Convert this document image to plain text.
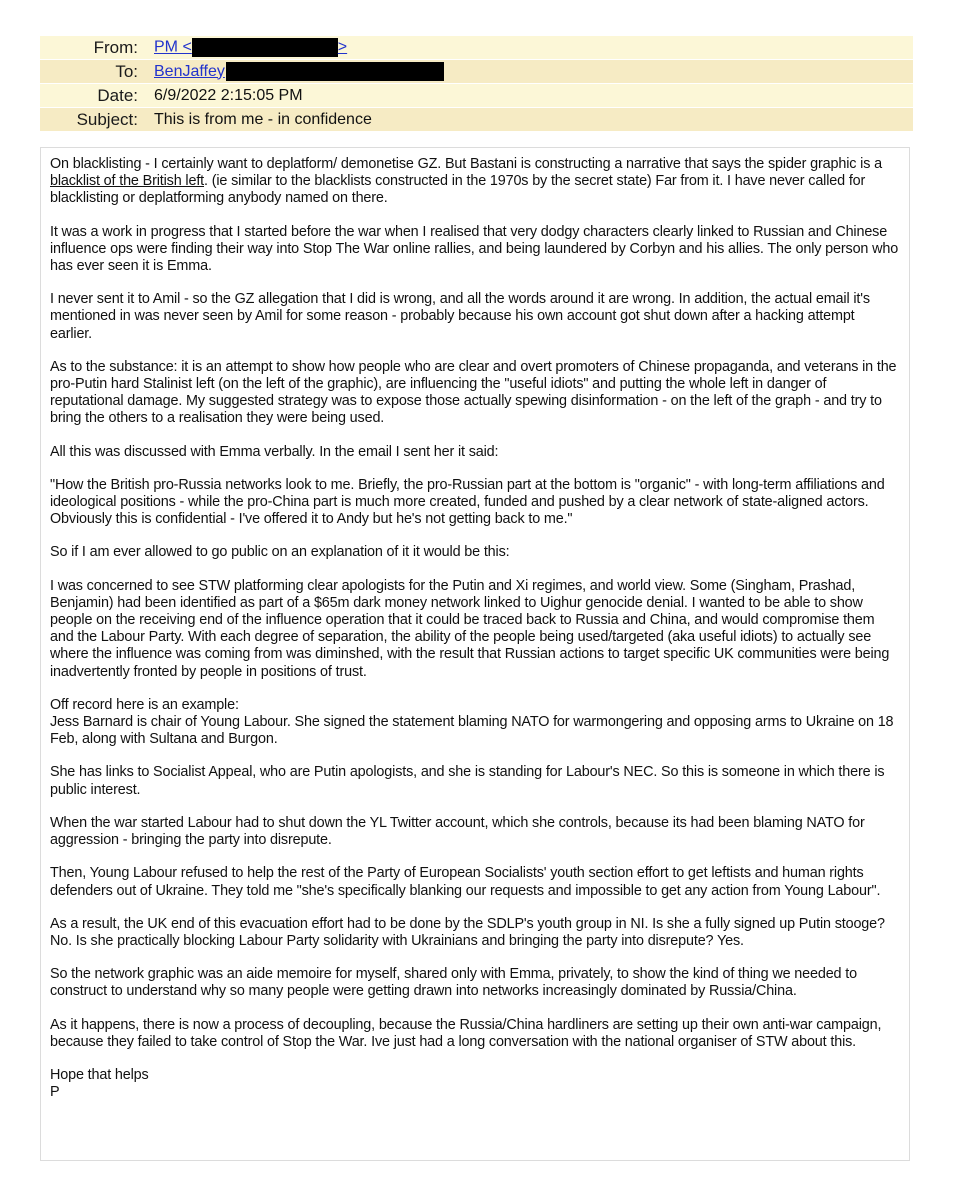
From: PM <	>
To: BenJaffey
Date: 6/9/2022 2:15:05 PM
Subject: This is from me - in confidence

On blacklisting - I certainly want to deplatform/ demonetise GZ. But Bastani is constructing a narrative that says the spider graphic is a blacklist of the British left. (ie similar to the blacklists constructed in the 1970s by the secret state) Far from it. I have never called for blacklisting or deplatforming anybody named on there.

It was a work in progress that I started before the war when I realised that very dodgy characters clearly linked to Russian and Chinese influence ops were finding their way into Stop The War online rallies, and being laundered by Corbyn and his allies. The only person who has ever seen it is Emma.

I never sent it to Amil - so the GZ allegation that I did is wrong, and all the words around it are wrong. In addition, the actual email it's mentioned in was never seen by Amil for some reason - probably because his own account got shut down after a hacking attempt earlier.

As to the substance: it is an attempt to show how people who are clear and overt promoters of Chinese propaganda, and veterans in the pro-Putin hard Stalinist left (on the left of the graphic), are influencing the "useful idiots" and putting the whole left in danger of reputational damage. My suggested strategy was to expose those actually spewing disinformation - on the left of the graph - and try to bring the others to a realisation they were being used.

All this was discussed with Emma verbally. In the email I sent her it said:

"How the British pro-Russia networks look to me. Briefly, the pro-Russian part at the bottom is "organic" - with long-term affiliations and ideological positions - while the pro-China part is much more created, funded and pushed by a clear network of state-aligned actors. Obviously this is confidential - I've offered it to Andy but he's not getting back to me."

So if I am ever allowed to go public on an explanation of it it would be this:

I was concerned to see STW platforming clear apologists for the Putin and Xi regimes, and world view. Some (Singham, Prashad, Benjamin) had been identified as part of a $65m dark money network linked to Uighur genocide denial. I wanted to be able to show people on the receiving end of the influence operation that it could be traced back to Russia and China, and would compromise them and the Labour Party. With each degree of separation, the ability of the people being used/targeted (aka useful idiots) to actually see where the influence was coming from was diminshed, with the result that Russian actions to target specific UK communities were being inadvertently fronted by people in positions of trust.

Off record here is an example:
Jess Barnard is chair of Young Labour. She signed the statement blaming NATO for warmongering and opposing arms to Ukraine on 18 Feb, along with Sultana and Burgon.

She has links to Socialist Appeal, who are Putin apologists, and she is standing for Labour's NEC. So this is someone in which there is public interest.

When the war started Labour had to shut down the YL Twitter account, which she controls, because its had been blaming NATO for aggression - bringing the party into disrepute.

Then, Young Labour refused to help the rest of the Party of European Socialists' youth section effort to get leftists and human rights defenders out of Ukraine. They told me "she's specifically blanking our requests and impossible to get any action from Young Labour".

As a result, the UK end of this evacuation effort had to be done by the SDLP's youth group in NI. Is she a fully signed up Putin stooge? No. Is she practically blocking Labour Party solidarity with Ukrainians and bringing the party into disrepute? Yes.

So the network graphic was an aide memoire for myself, shared only with Emma, privately, to show the kind of thing we needed to construct to understand why so many people were getting drawn into networks increasingly dominated by Russia/China.

As it happens, there is now a process of decoupling, because the Russia/China hardliners are setting up their own anti-war campaign, because they failed to take control of Stop the War. Ive just had a long conversation with the national organiser of STW about this.

Hope that helps
P
